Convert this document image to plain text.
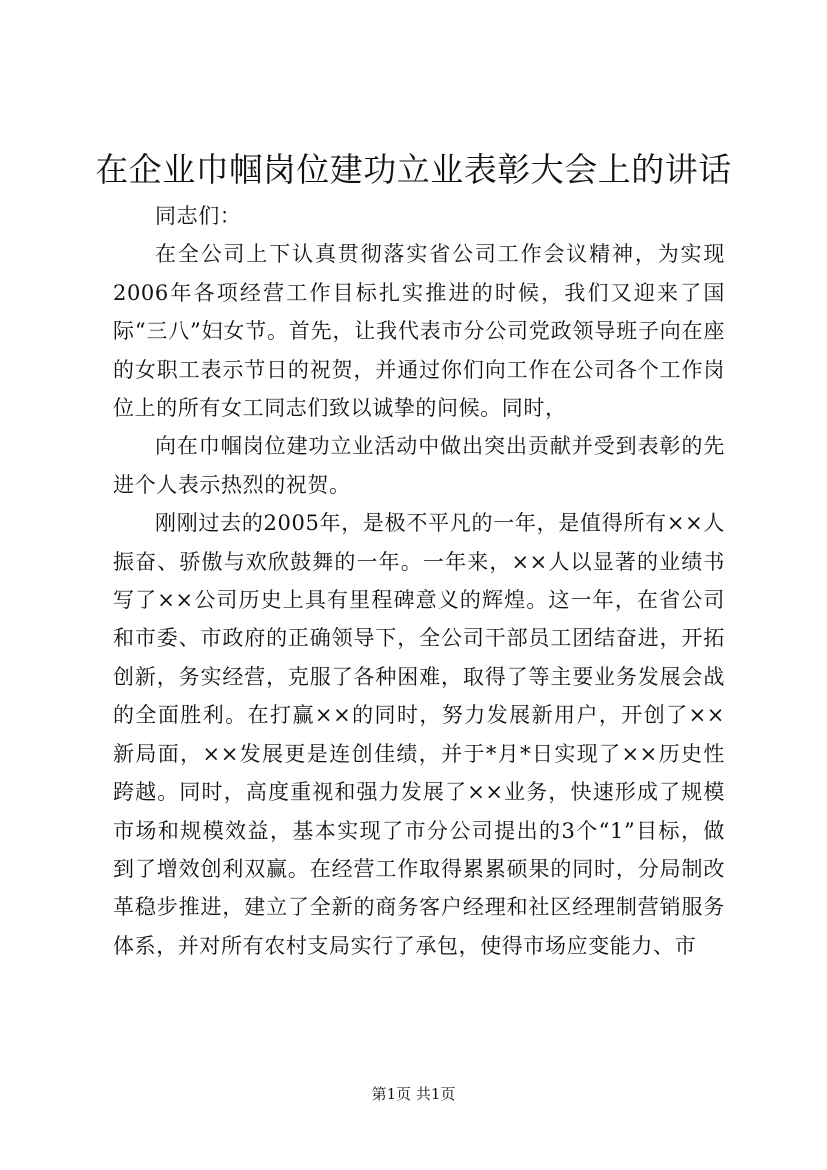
在企业巾帼岗位建功立业表彰大会上的讲话

同志们：

在全公司上下认真贯彻落实省公司工作会议精神，为实现2006年各项经营工作目标扎实推进的时候，我们又迎来了国际“三八”妇女节。首先，让我代表市分公司党政领导班子向在座的女职工表示节日的祝贺，并通过你们向工作在公司各个工作岗位上的所有女工同志们致以诚挚的问候。同时，

向在巾帼岗位建功立业活动中做出突出贡献并受到表彰的先进个人表示热烈的祝贺。

刚刚过去的2005年，是极不平凡的一年，是值得所有××人振奋、骄傲与欢欣鼓舞的一年。一年来，××人以显著的业绩书写了××公司历史上具有里程碑意义的辉煌。这一年，在省公司和市委、市政府的正确领导下，全公司干部员工团结奋进，开拓创新，务实经营，克服了各种困难，取得了等主要业务发展会战的全面胜利。在打赢××的同时，努力发展新用户，开创了××新局面，××发展更是连创佳绩，并于*月*日实现了××历史性跨越。同时，高度重视和强力发展了××业务，快速形成了规模市场和规模效益，基本实现了市分公司提出的3个“1”目标，做到了增效创利双赢。在经营工作取得累累硕果的同时，分局制改革稳步推进，建立了全新的商务客户经理和社区经理制营销服务体系，并对所有农村支局实行了承包，使得市场应变能力、市

第1页 共1页
